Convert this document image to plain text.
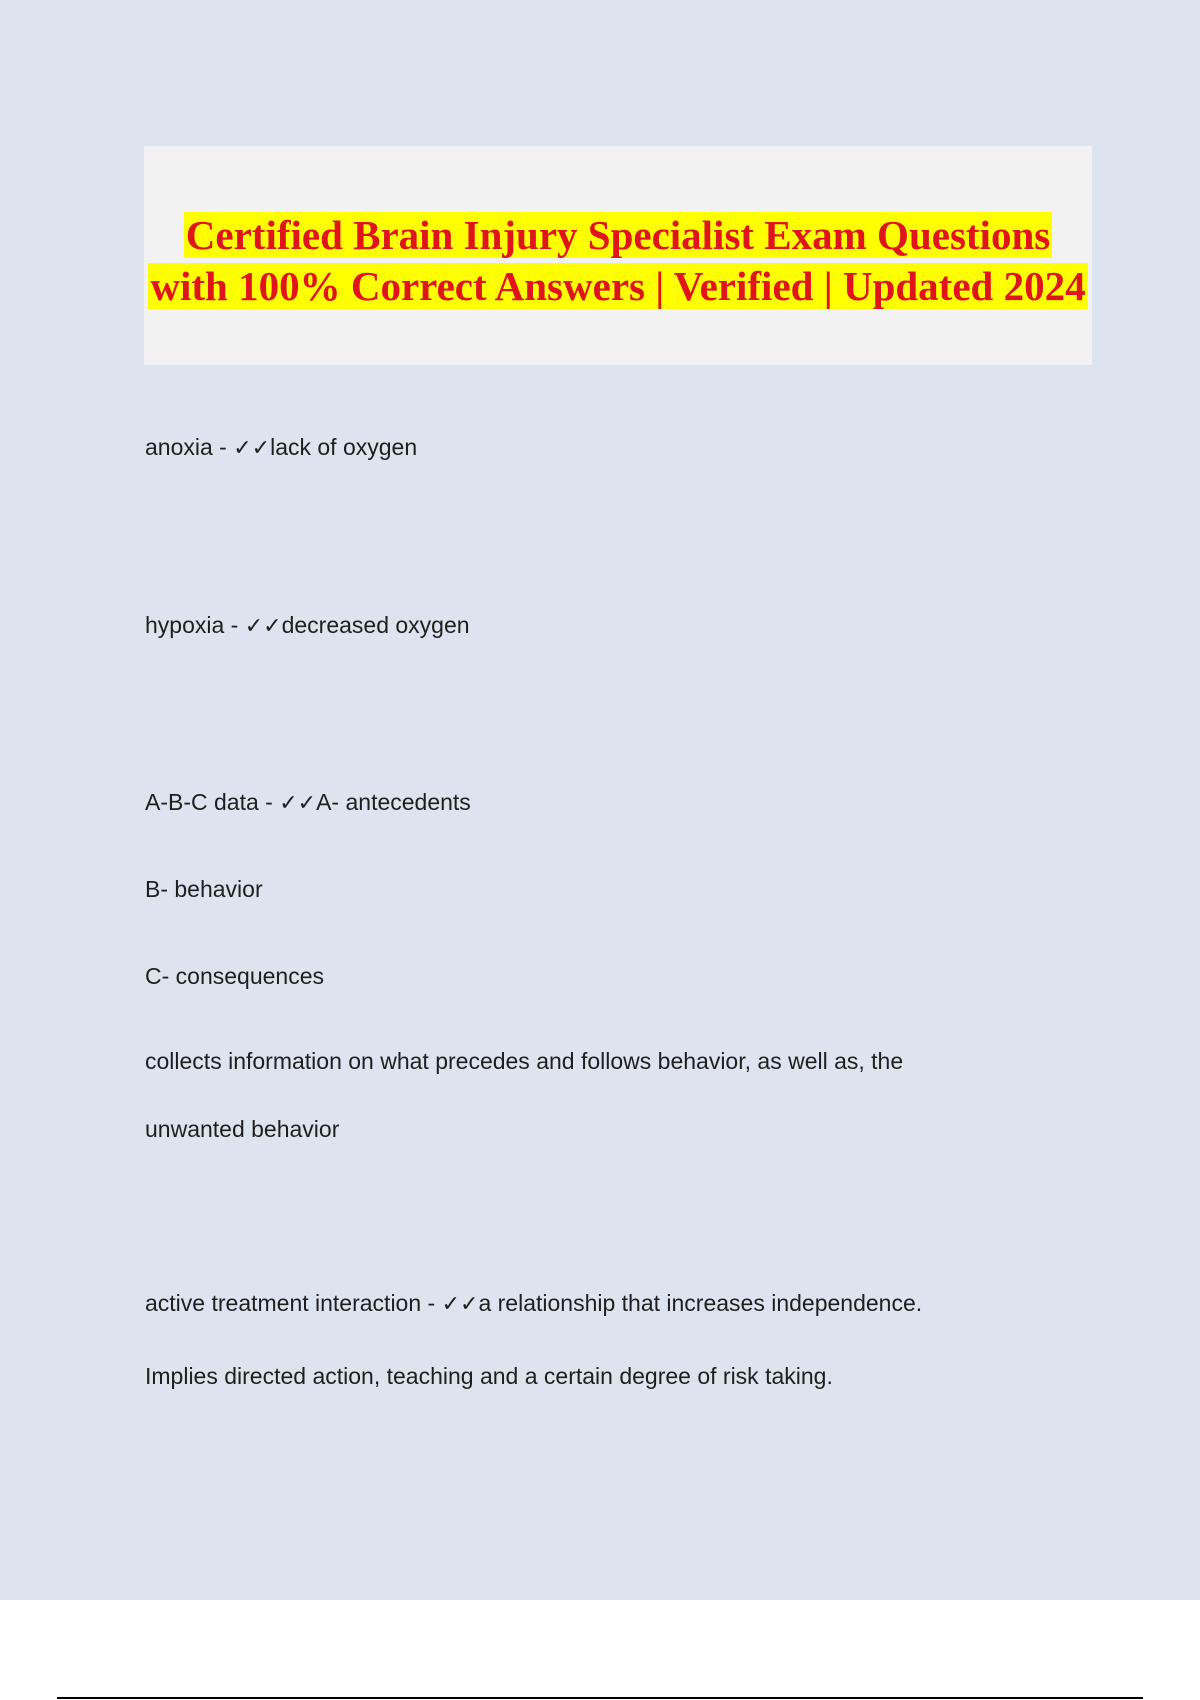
Certified Brain Injury Specialist Exam Questions with 100% Correct Answers | Verified | Updated 2024
anoxia - ✓✓lack of oxygen
hypoxia - ✓✓decreased oxygen
A-B-C data - ✓✓A- antecedents
B- behavior
C- consequences
collects information on what precedes and follows behavior, as well as, the
unwanted behavior
active treatment interaction - ✓✓a relationship that increases independence.
Implies directed action, teaching and a certain degree of risk taking.
